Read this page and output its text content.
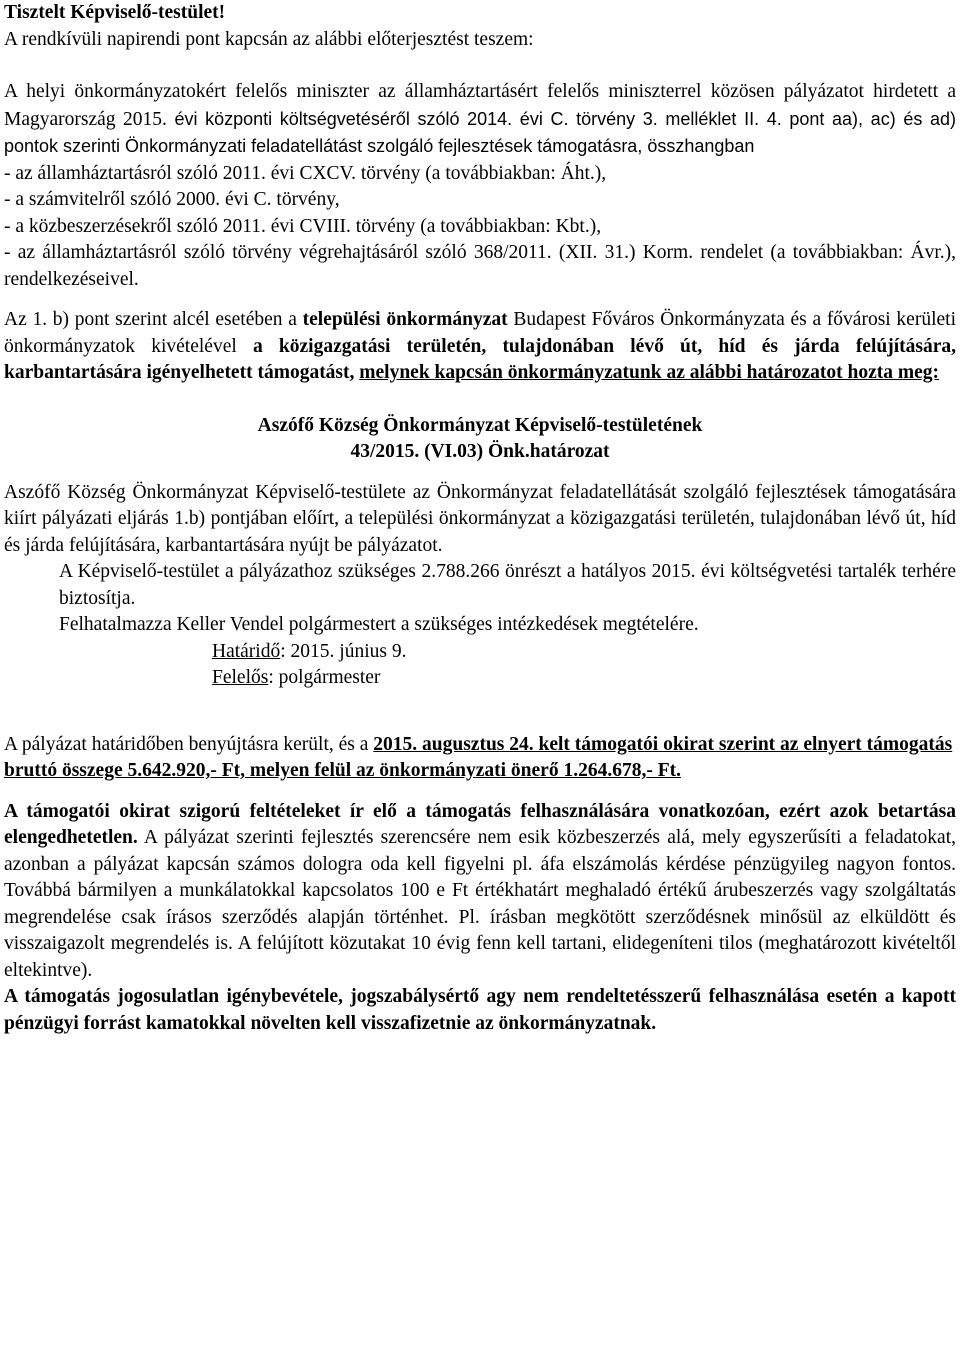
Tisztelt Képviselő-testület!

A rendkívüli napirendi pont kapcsán az alábbi előterjesztést teszem:

A helyi önkormányzatokért felelős miniszter az államháztartásért felelős miniszterrel közösen pályázatot hirdetett a Magyarország 2015. évi központi költségvetéséről szóló 2014. évi C. törvény 3. melléklet II. 4. pont aa), ac) és ad) pontok szerinti Önkormányzati feladatellátást szolgáló fejlesztések támogatásra, összhangban

- az államháztartásról szóló 2011. évi CXCV. törvény (a továbbiakban: Áht.),

- a számvitelről szóló 2000. évi C. törvény,

- a közbeszerzésekről szóló 2011. évi CVIII. törvény (a továbbiakban: Kbt.),

- az államháztartásról szóló törvény végrehajtásáról szóló 368/2011. (XII. 31.) Korm. rendelet (a továbbiakban: Ávr.), rendelkezéseivel.

Az 1. b) pont szerint alcél esetében a települési önkormányzat Budapest Főváros Önkormányzata és a fővárosi kerületi önkormányzatok kivételével a közigazgatási területén, tulajdonában lévő út, híd és járda felújítására, karbantartására igényelhetett támogatást, melynek kapcsán önkormányzatunk az alábbi határozatot hozta meg:

Aszófő Község Önkormányzat Képviselő-testületének

43/2015. (VI.03) Önk.határozat

Aszófő Község Önkormányzat Képviselő-testülete az Önkormányzat feladatellátását szolgáló fejlesztések támogatására kiírt pályázati eljárás 1.b) pontjában előírt, a települési önkormányzat a közigazgatási területén, tulajdonában lévő út, híd és járda felújítására, karbantartására nyújt be pályázatot.

A Képviselő-testület a pályázathoz szükséges 2.788.266 önrészt a hatályos 2015. évi költségvetési tartalék terhére biztosítja.

Felhatalmazza Keller Vendel polgármestert a szükséges intézkedések megtételére.

Határidő: 2015. június 9.

Felelős: polgármester

A pályázat határidőben benyújtásra került, és a 2015. augusztus 24. kelt támogatói okirat szerint az elnyert támogatás bruttó összege 5.642.920,- Ft, melyen felül az önkormányzati önerő 1.264.678,- Ft.

A támogatói okirat szigorú feltételeket ír elő a támogatás felhasználására vonatkozóan, ezért azok betartása elengedhetetlen. A pályázat szerinti fejlesztés szerencsére nem esik közbeszerzés alá, mely egyszerűsíti a feladatokat, azonban a pályázat kapcsán számos dologra oda kell figyelni pl. áfa elszámolás kérdése pénzügyileg nagyon fontos. Továbbá bármilyen a munkálatokkal kapcsolatos 100 e Ft értékhatárt meghaladó értékű árubeszerzés vagy szolgáltatás megrendelése csak írásos szerződés alapján történhet. Pl. írásban megkötött szerződésnek minősül az elküldött és visszaigazolt megrendelés is. A felújított közutakat 10 évig fenn kell tartani, elidegeníteni tilos (meghatározott kivételtől eltekintve).

A támogatás jogosulatlan igénybevétele, jogszabálysértő agy nem rendeltetésszerű felhasználása esetén a kapott pénzügyi forrást kamatokkal növelten kell visszafizetnie az önkormányzatnak.
